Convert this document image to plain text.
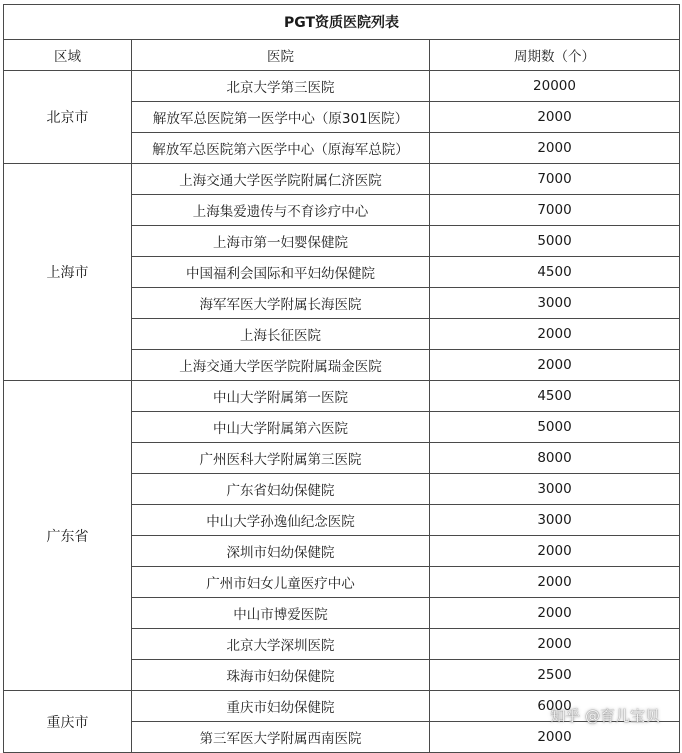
PGT资质医院列表		
区域	医院	周期数（个）
北京市	北京大学第三医院	20000
	解放军总医院第一医学中心（原301医院）	2000
	解放军总医院第六医学中心（原海军总院）	2000
上海市	上海交通大学医学院附属仁济医院	7000
	上海集爱遗传与不育诊疗中心	7000
	上海市第一妇婴保健院	5000
	中国福利会国际和平妇幼保健院	4500
	海军军医大学附属长海医院	3000
	上海长征医院	2000
	上海交通大学医学院附属瑞金医院	2000
广东省	中山大学附属第一医院	4500
	中山大学附属第六医院	5000
	广州医科大学附属第三医院	8000
	广东省妇幼保健院	3000
	中山大学孙逸仙纪念医院	3000
	深圳市妇幼保健院	2000
	广州市妇女儿童医疗中心	2000
	中山市博爱医院	2000
	北京大学深圳医院	2000
	珠海市妇幼保健院	2500
重庆市	重庆市妇幼保健院	6000
	第三军医大学附属西南医院	2000
知乎 @育儿宝贝
